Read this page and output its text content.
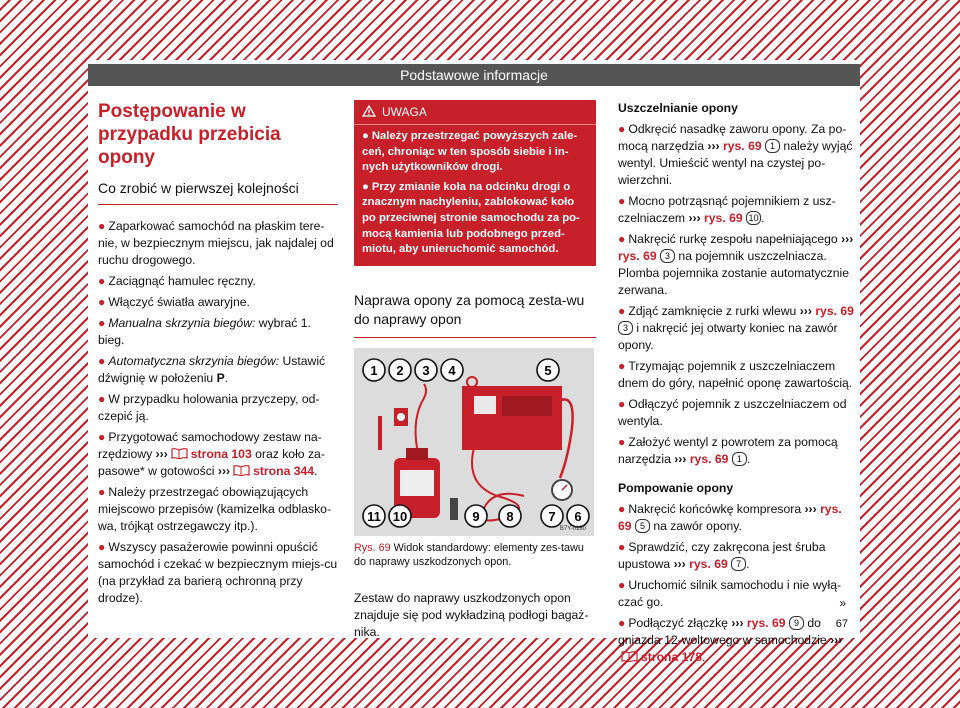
Podstawowe informacje
Postępowanie w przypadku przebicia opony
Co zrobić w pierwszej kolejności
● Zaparkować samochód na płaskim tere-nie, w bezpiecznym miejscu, jak najdalej od ruchu drogowego.
● Zaciągnąć hamulec ręczny.
● Włączyć światła awaryjne.
● Manualna skrzynia biegów: wybrać 1. bieg.
● Automatyczna skrzynia biegów: Ustawić dźwignię w położeniu P.
● W przypadku holowania przyczepy, od-czepić ją.
● Przygotować samochodowy zestaw na-rzędziowy ››› strona 103 oraz koło za-pasowe* w gotowości ››› strona 344.
● Należy przestrzegać obowiązujących miejscowo przepisów (kamizelka odblasko-wa, trójkąt ostrzegawczy itp.).
● Wszyscy pasażerowie powinni opuścić samochód i czekać w bezpiecznym miejs-cu (na przykład za barierą ochronną przy drodze).
UWAGA
● Należy przestrzegać powyższych zale-ceń, chroniąc w ten sposób siebie i in-nych użytkowników drogi.
● Przy zmianie koła na odcinku drogi o znacznym nachyleniu, zablokować koło po przeciwnej stronie samochodu za po-mocą kamienia lub podobnego przed-miotu, aby unieruchomić samochód.
Naprawa opony za pomocą zesta-wu do naprawy opon
1 2 3 4	5
11 10	9 8	7 6
B7Y-0180
Rys. 69 Widok standardowy: elementy zes-tawu do naprawy uszkodzonych opon.
Zestaw do naprawy uszkodzonych opon znajduje się pod wykładziną podłogi bagaż-nika.
Uszczelnianie opony
● Odkręcić nasadkę zaworu opony. Za po-mocą narzędzia ››› rys. 69 1 należy wyjąć wentyl. Umieścić wentyl na czystej po-wierzchni.
● Mocno potrząsnąć pojemnikiem z usz-czelniaczem ››› rys. 69 10 .
● Nakręcić rurkę zespołu napełniającego ››› rys. 69 3 na pojemnik uszczelniacza. Plomba pojemnika zostanie automatycznie zerwana.
● Zdjąć zamknięcie z rurki wlewu ››› rys. 69 3 i nakręcić jej otwarty koniec na zawór opony.
● Trzymając pojemnik z uszczelniaczem dnem do góry, napełnić oponę zawartością.
● Odłączyć pojemnik z uszczelniaczem od wentyla.
● Założyć wentyl z powrotem za pomocą narzędzia ››› rys. 69 1 .
Pompowanie opony
● Nakręcić końcówkę kompresora ››› rys. 69 5 na zawór opony.
● Sprawdzić, czy zakręcona jest śruba upustowa ››› rys. 69 7 .
● Uruchomić silnik samochodu i nie wyłą-czać go.
● Podłączyć złączkę ››› rys. 69 9 do gniazda 12-woltowego w samochodzie ›››strona 178.
»
67
